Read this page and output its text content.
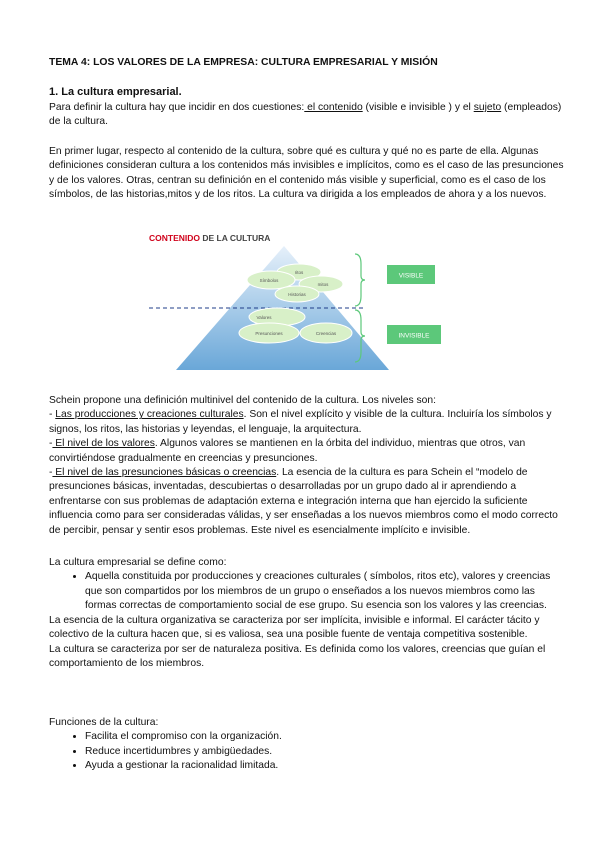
TEMA 4: LOS VALORES DE LA EMPRESA: CULTURA EMPRESARIAL Y MISIÓN
1. La cultura empresarial.

Para definir la cultura hay que incidir en dos cuestiones: el contenido (visible e invisible ) y el sujeto (empleados) de la cultura.

En primer lugar, respecto al contenido de la cultura, sobre qué es cultura y qué no es parte de ella. Algunas definiciones consideran cultura a los contenidos más invisibles e implícitos, como es el caso de las presunciones y de los valores. Otras, centran su definición en el contenido más visible y superficial, como es el caso de los símbolos, de las historias,mitos y de los ritos. La cultura va dirigida a los empleados de ahora y a los nuevos.

CONTENIDO DE LA CULTURA
ritos
Símbolos
mitos
Historias
Valores
Presunciones	Creencias
VISIBLE
INVISIBLE

Schein propone una definición multinivel del contenido de la cultura. Los niveles son:

- Las producciones y creaciones culturales. Son el nivel explícito y visible de la cultura. Incluiría los símbolos y signos, los ritos, las historias y leyendas, el lenguaje, la arquitectura.

- El nivel de los valores. Algunos valores se mantienen en la órbita del individuo, mientras que otros, van convirtiéndose gradualmente en creencias y presunciones.

- El nivel de las presunciones básicas o creencias. La esencia de la cultura es para Schein el “modelo de presunciones básicas, inventadas, descubiertas o desarrolladas por un grupo dado al ir aprendiendo a enfrentarse con sus problemas de adaptación externa e integración interna que han ejercido la suficiente influencia como para ser consideradas válidas, y ser enseñadas a los nuevos miembros como el modo correcto de percibir, pensar y sentir esos problemas. Este nivel es esencialmente implícito e invisible.

La cultura empresarial se define como:

• Aquella constituida por producciones y creaciones culturales ( símbolos, ritos etc), valores y creencias que son compartidos por los miembros de un grupo o enseñados a los nuevos miembros como las formas correctas de comportamiento social de ese grupo. Su esencia son los valores y las creencias.

La esencia de la cultura organizativa se caracteriza por ser implícita, invisible e informal. El carácter tácito y colectivo de la cultura hacen que, si es valiosa, sea una posible fuente de ventaja competitiva sostenible.

La cultura se caracteriza por ser de naturaleza positiva. Es definida como los valores, creencias que guían el comportamiento de los miembros.

Funciones de la cultura:

• Facilita el compromiso con la organización.
• Reduce incertidumbres y ambigüedades.
• Ayuda a gestionar la racionalidad limitada.
